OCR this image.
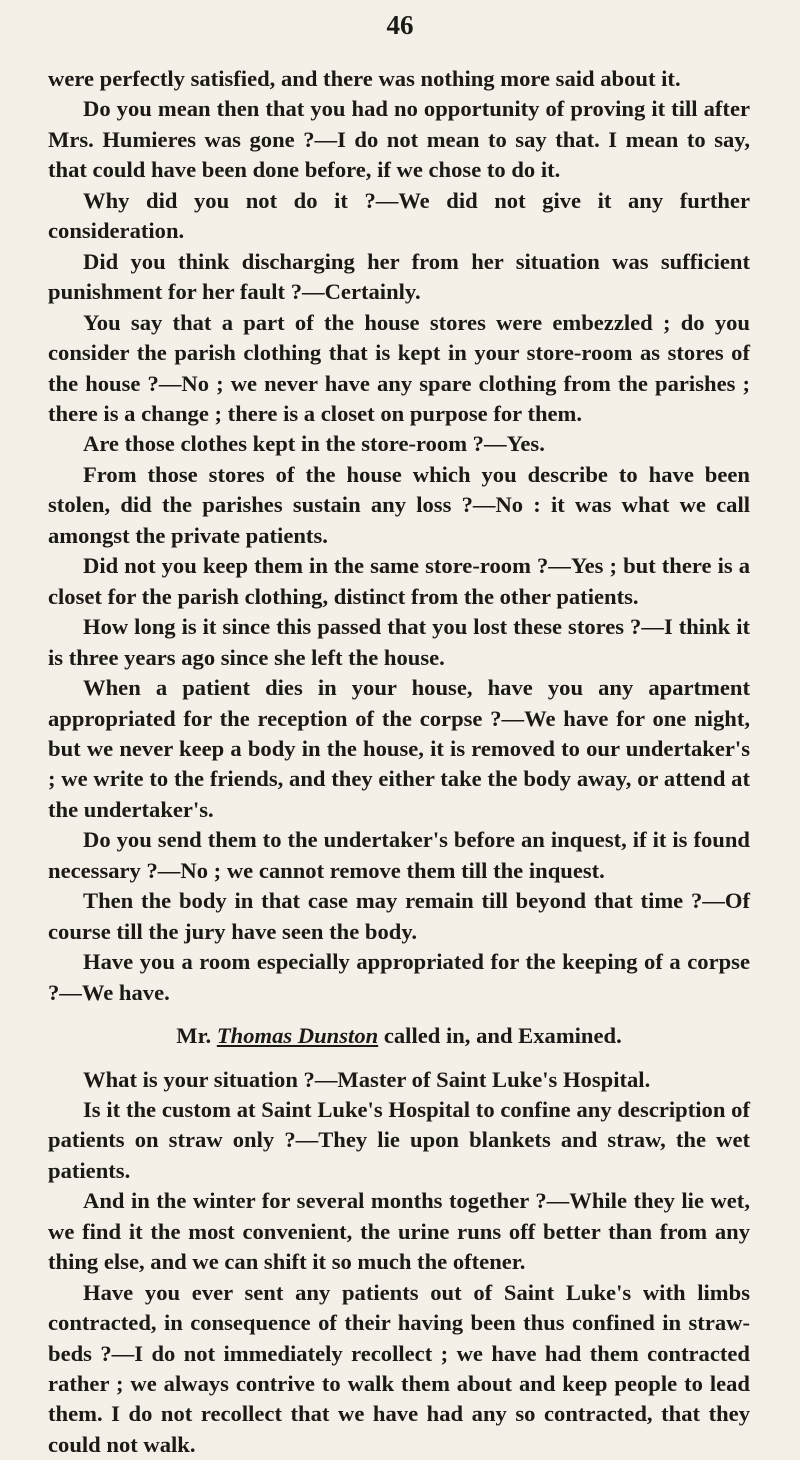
46

were perfectly satisfied, and there was nothing more said about it.

Do you mean then that you had no opportunity of proving it till after Mrs. Humieres was gone ?—I do not mean to say that. I mean to say, that could have been done before, if we chose to do it.

Why did you not do it ?—We did not give it any further consideration.

Did you think discharging her from her situation was sufficient punishment for her fault ?—Certainly.

You say that a part of the house stores were embezzled ; do you consider the parish clothing that is kept in your store-room as stores of the house ?—No ; we never have any spare clothing from the parishes ; there is a change ; there is a closet on purpose for them.

Are those clothes kept in the store-room ?—Yes.

From those stores of the house which you describe to have been stolen, did the parishes sustain any loss ?—No : it was what we call amongst the private patients.

Did not you keep them in the same store-room ?—Yes ; but there is a closet for the parish clothing, distinct from the other patients.

How long is it since this passed that you lost these stores ?—I think it is three years ago since she left the house.

When a patient dies in your house, have you any apartment appropriated for the reception of the corpse ?—We have for one night, but we never keep a body in the house, it is removed to our undertaker's ; we write to the friends, and they either take the body away, or attend at the undertaker's.

Do you send them to the undertaker's before an inquest, if it is found necessary ?—No ; we cannot remove them till the inquest.

Then the body in that case may remain till beyond that time ?—Of course till the jury have seen the body.

Have you a room especially appropriated for the keeping of a corpse ?—We have.

Mr. Thomas Dunston called in, and Examined.

What is your situation ?—Master of Saint Luke's Hospital.

Is it the custom at Saint Luke's Hospital to confine any description of patients on straw only ?—They lie upon blankets and straw, the wet patients.

And in the winter for several months together ?—While they lie wet, we find it the most convenient, the urine runs off better than from any thing else, and we can shift it so much the oftener.

Have you ever sent any patients out of Saint Luke's with limbs contracted, in consequence of their having been thus confined in straw-beds ?—I do not immediately recollect ; we have had them contracted rather ; we always contrive to walk them about and keep people to lead them. I do not recollect that we have had any so contracted, that they could not walk.
